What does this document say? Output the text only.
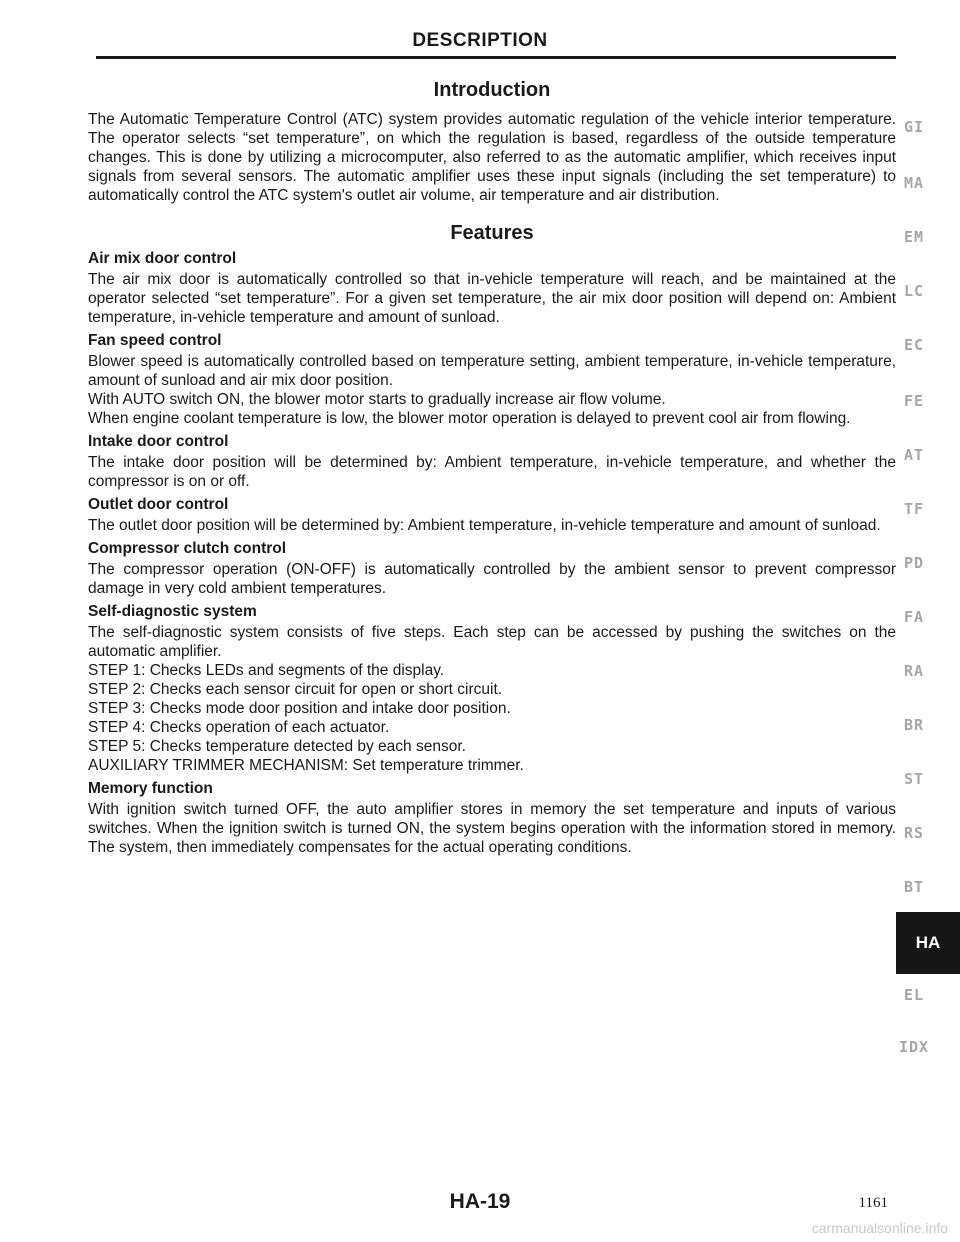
DESCRIPTION
Introduction

The Automatic Temperature Control (ATC) system provides automatic regulation of the vehicle interior temperature. The operator selects “set temperature”, on which the regulation is based, regardless of the outside temperature changes. This is done by utilizing a microcomputer, also referred to as the automatic amplifier, which receives input signals from several sensors. The automatic amplifier uses these input signals (including the set temperature) to automatically control the ATC system's outlet air volume, air temperature and air distribution.

Features
Air mix door control

The air mix door is automatically controlled so that in-vehicle temperature will reach, and be maintained at the operator selected “set temperature”. For a given set temperature, the air mix door position will depend on: Ambient temperature, in-vehicle temperature and amount of sunload.

Fan speed control

Blower speed is automatically controlled based on temperature setting, ambient temperature, in-vehicle temperature, amount of sunload and air mix door position.

With AUTO switch ON, the blower motor starts to gradually increase air flow volume.

When engine coolant temperature is low, the blower motor operation is delayed to prevent cool air from flowing.

Intake door control

The intake door position will be determined by: Ambient temperature, in-vehicle temperature, and whether the compressor is on or off.

Outlet door control

The outlet door position will be determined by: Ambient temperature, in-vehicle temperature and amount of sunload.

Compressor clutch control

The compressor operation (ON-OFF) is automatically controlled by the ambient sensor to prevent compressor damage in very cold ambient temperatures.

Self-diagnostic system

The self-diagnostic system consists of five steps. Each step can be accessed by pushing the switches on the automatic amplifier.

STEP 1: Checks LEDs and segments of the display.

STEP 2: Checks each sensor circuit for open or short circuit.

STEP 3: Checks mode door position and intake door position.

STEP 4: Checks operation of each actuator.

STEP 5: Checks temperature detected by each sensor.

AUXILIARY TRIMMER MECHANISM: Set temperature trimmer.

Memory function

With ignition switch turned OFF, the auto amplifier stores in memory the set temperature and inputs of various switches. When the ignition switch is turned ON, the system begins operation with the information stored in memory. The system, then immediately compensates for the actual operating conditions.

GI
MA
EM
LC
EC
FE
AT
TF
PD
FA
RA
BR
ST
RS
BT
HA
EL
IDX
HA-19	1161
carmanualsonline.info
